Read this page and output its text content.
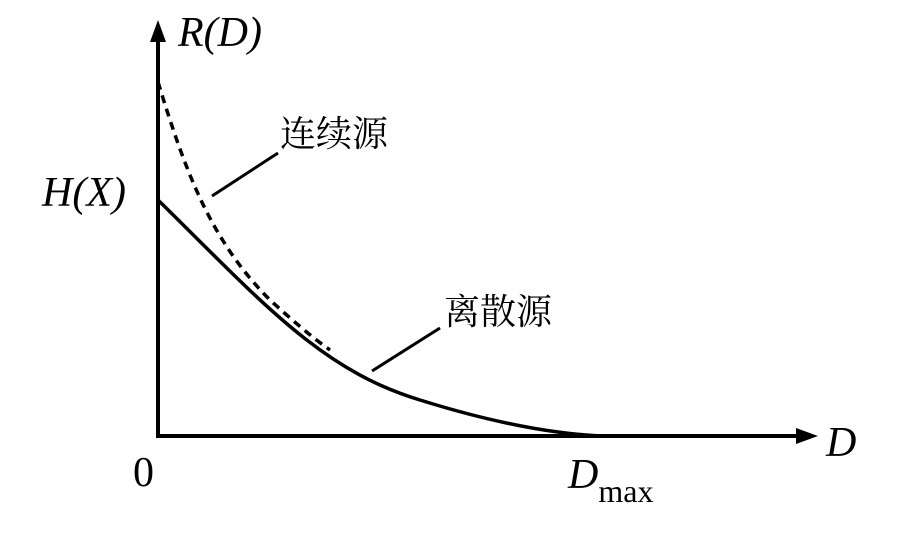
R(D)
D
0
H(X)
Dmax
连续源
离散源
